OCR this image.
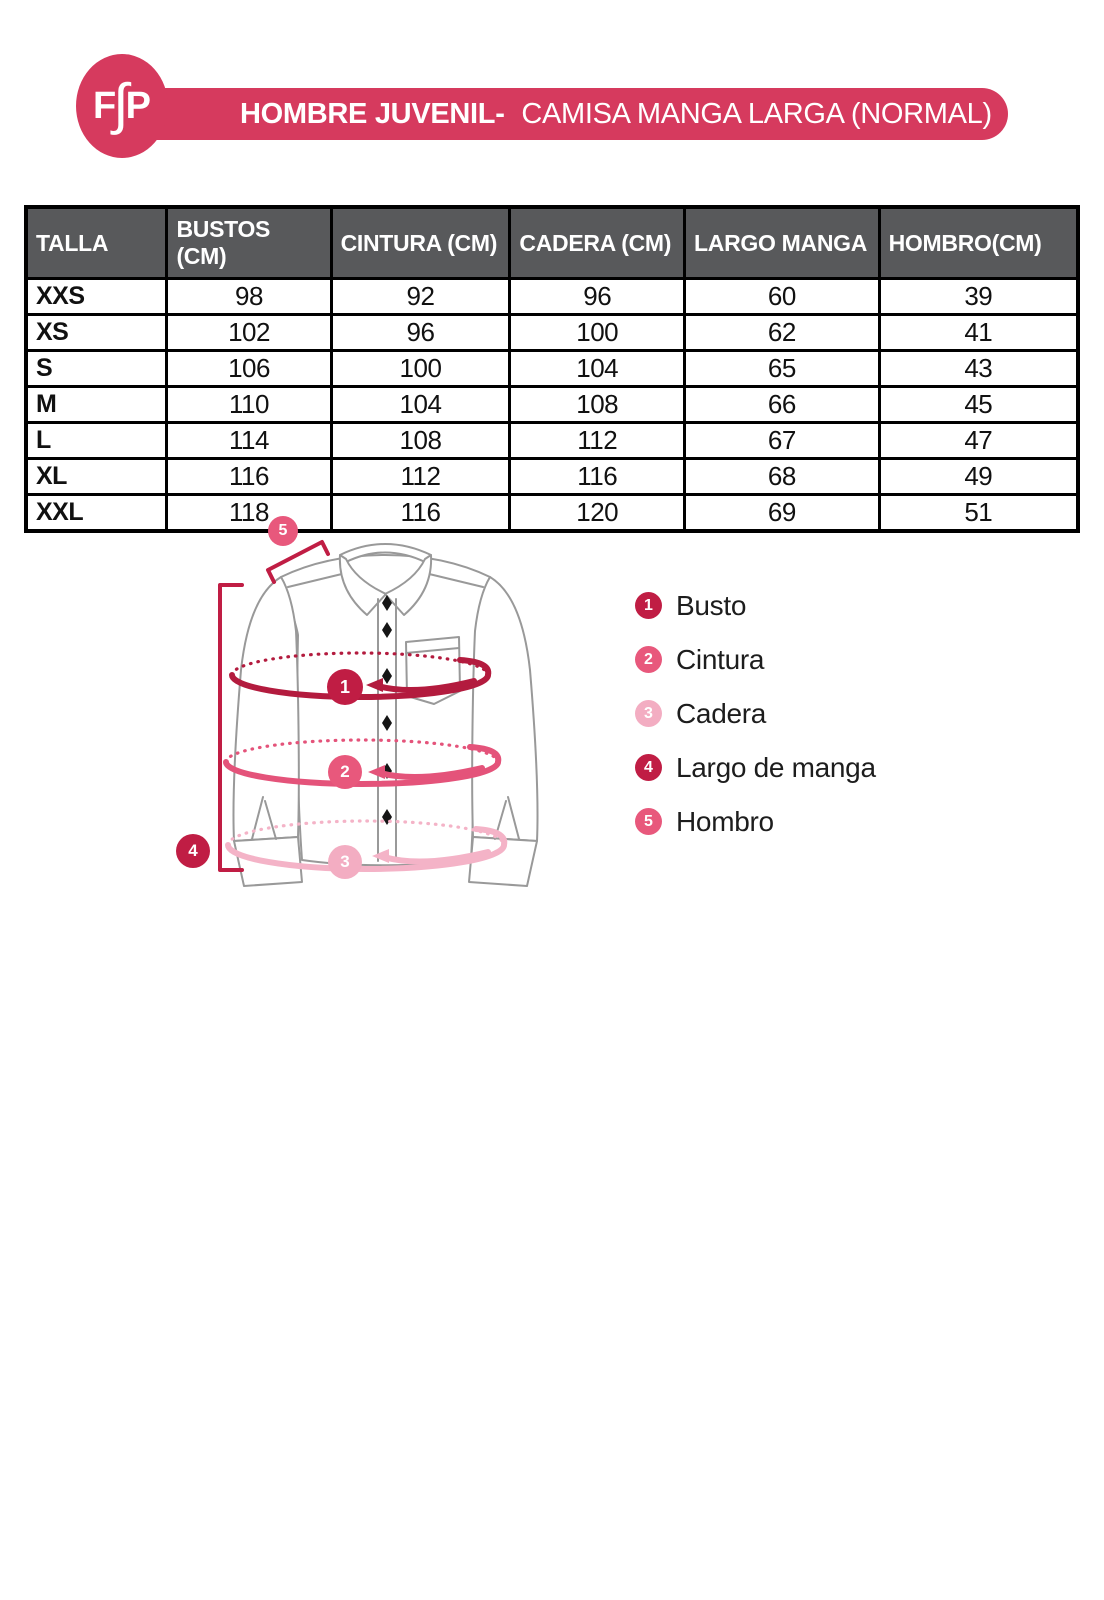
F
∫
P	HOMBRE JUVENIL- CAMISA MANGA LARGA (NORMAL)
TALLA	BUSTOS (CM)	CINTURA (CM)	CADERA (CM)	LARGO MANGA	HOMBRO(CM)
XXS	98	92	96	60	39
XS	102	96	100	62	41
S	106	100	104	65	43
M	110	104	108	66	45
L	114	108	112	67	47
XL	116	112	116	68	49
XXL	118	116	120	69	51
1
2
3
4
5
1 Busto
2 Cintura
3 Cadera
4 Largo de manga
5 Hombro
